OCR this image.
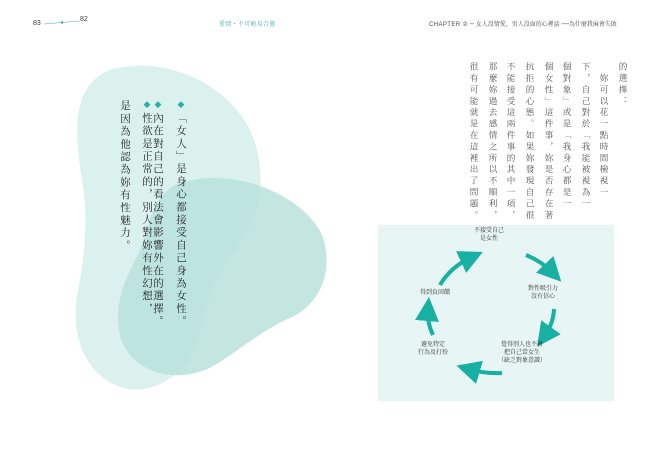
83
82
愛情・不可輕易合態	CHAPTER ② ─ 女人沒情愛，男人沒面的心裡話 ──為什麼我麻會失敗
◆「女人」是身心都接受自己身為女性。
◆內在對自己的看法會影響外在的選擇。

◆性欲是正常的，別人對妳有性幻想，
是因為他認為妳有性魅力。

的選擇：
　妳可以花一點時間檢視一
下，自己對於「我能被視為一
個對象」或是「我身心都是一
個女性」這件事，妳是否存在著
抗拒的心態。如果妳發現自己很
不能接受這兩件事的其中一項，
那麼妳過去感情之所以不順利，
很有可能就是在這裡出了問題。
不接受自己
是女性
對性吸引力
沒有信心
覺得別人也不會
把自己當女生
（缺乏對象意識）
避免特定
行為及打扮
得到負回饋
